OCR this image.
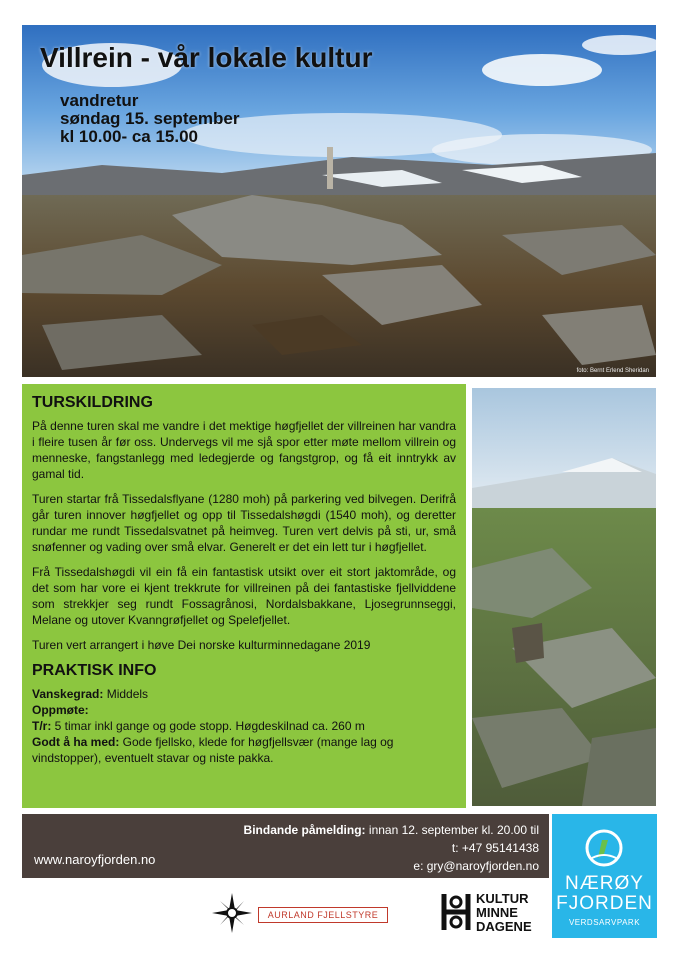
Villrein - vår lokale kultur
vandretur
søndag 15. september
kl 10.00- ca 15.00
foto: Bernt Erlend Sheridan
TURSKILDRING

På denne turen skal me vandre i det mektige høgfjellet der villreinen har vandra i fleire tusen år før oss. Undervegs vil me sjå spor etter møte mellom villrein og menneske, fangstanlegg med ledegjerde og fangstgrop, og få eit inntrykk av gamal tid.

Turen startar frå Tissedalsflyane (1280 moh) på parkering ved bilvegen. Derifrå går turen innover høgfjellet og opp til Tissedalshøgdi (1540 moh), og deretter rundar me rundt Tissedalsvatnet på heimveg. Turen vert delvis på sti, ur, små snøfenner og vading over små elvar. Generelt er det ein lett tur i høgfjellet.

Frå Tissedalshøgdi vil ein få ein fantastisk utsikt over eit stort jaktområde, og det som har vore ei kjent trekkrute for villreinen på dei fantastiske fjellviddene som strekkjer seg rundt Fossagrånosi, Nordalsbakkane, Ljosegrunnseggi, Melane og utover Kvanngrøfjellet og Spelefjellet.

Turen vert arrangert i høve Dei norske kulturminnedagane 2019

PRAKTISK INFO
Vanskegrad: Middels
Oppmøte:
T/r: 5 timar inkl gange og gode stopp. Høgdeskilnad ca. 260 m
Godt å ha med: Gode fjellsko, klede for høgfjellsvær (mange lag og vindstopper), eventuelt stavar og niste pakka.
www.naroyfjorden.no
Bindande påmelding: innan 12. september kl. 20.00 til
t: +47 95141438
e: gry@naroyfjorden.no
NÆRØY
FJORDEN
VERDSARVPARK
AURLAND FJELLSTYRE
KULTUR
MINNE
DAGENE
